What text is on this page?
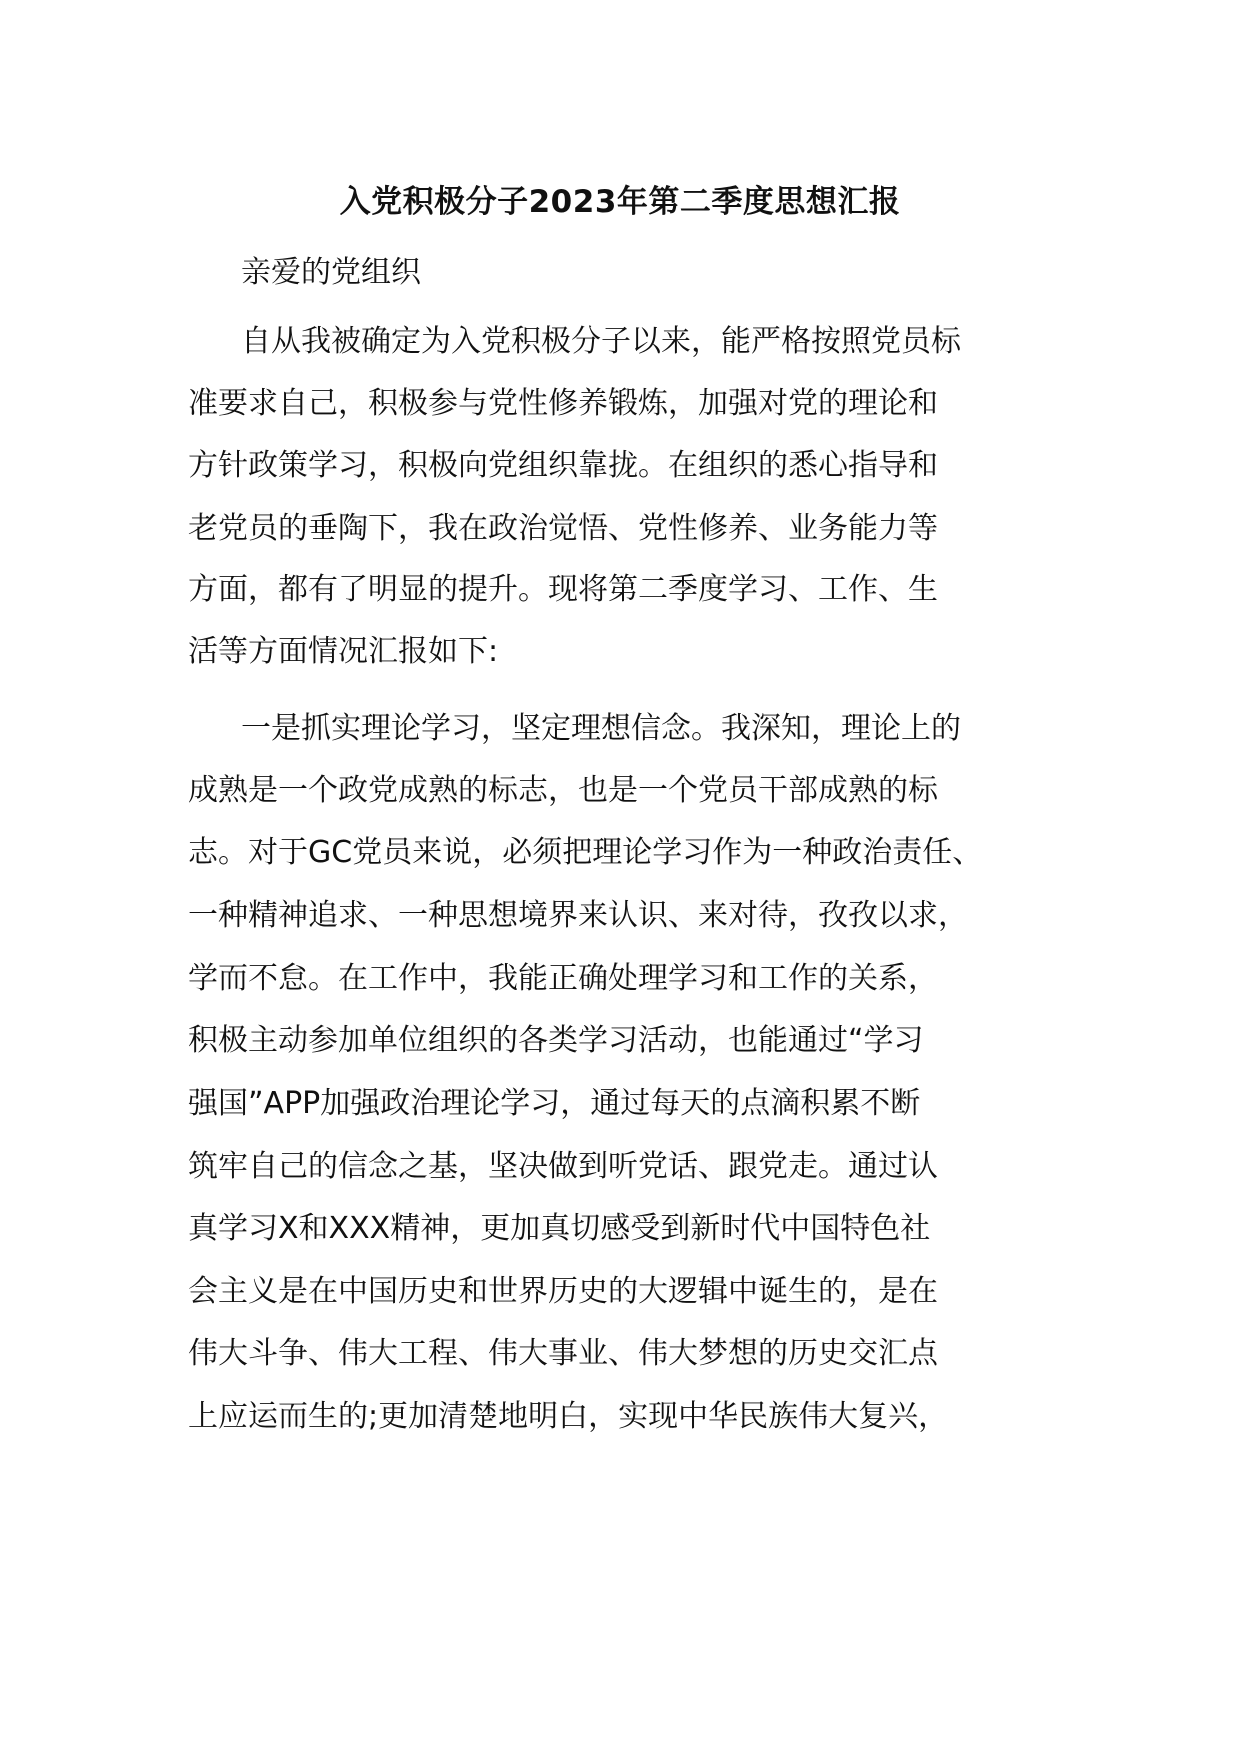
入党积极分子2023年第二季度思想汇报
亲爱的党组织
自从我被确定为入党积极分子以来，能严格按照党员标
准要求自己，积极参与党性修养锻炼，加强对党的理论和
方针政策学习，积极向党组织靠拢。在组织的悉心指导和
老党员的垂陶下，我在政治觉悟、党性修养、业务能力等
方面，都有了明显的提升。现将第二季度学习、工作、生
活等方面情况汇报如下:
一是抓实理论学习，坚定理想信念。我深知，理论上的
成熟是一个政党成熟的标志，也是一个党员干部成熟的标
志。对于GC党员来说，必须把理论学习作为一种政治责任、
一种精神追求、一种思想境界来认识、来对待，孜孜以求，
学而不怠。在工作中，我能正确处理学习和工作的关系，
积极主动参加单位组织的各类学习活动，也能通过“学习
强国”APP加强政治理论学习，通过每天的点滴积累不断
筑牢自己的信念之基，坚决做到听党话、跟党走。通过认
真学习X和XXX精神，更加真切感受到新时代中国特色社
会主义是在中国历史和世界历史的大逻辑中诞生的，是在
伟大斗争、伟大工程、伟大事业、伟大梦想的历史交汇点
上应运而生的;更加清楚地明白，实现中华民族伟大复兴，
